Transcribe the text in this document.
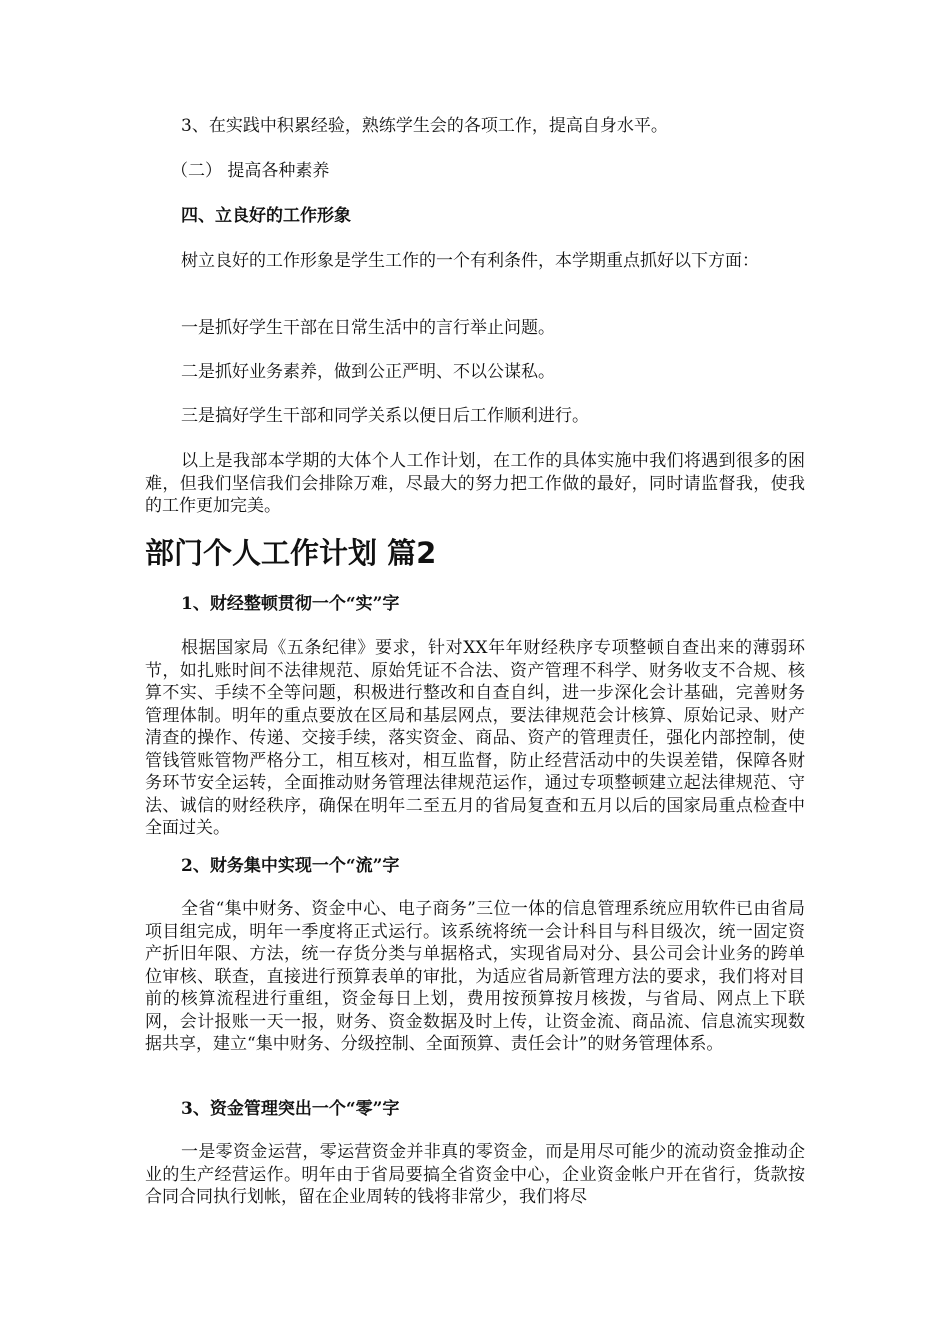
3、在实践中积累经验，熟练学生会的各项工作，提高自身水平。

（二） 提高各种素养

四、立良好的工作形象

树立良好的工作形象是学生工作的一个有利条件，本学期重点抓好以下方面：

一是抓好学生干部在日常生活中的言行举止问题。

二是抓好业务素养，做到公正严明、不以公谋私。

三是搞好学生干部和同学关系以便日后工作顺利进行。

以上是我部本学期的大体个人工作计划，在工作的具体实施中我们将遇到很多的困难，但我们坚信我们会排除万难，尽最大的努力把工作做的最好，同时请监督我，使我的工作更加完美。

部门个人工作计划 篇2

1、财经整顿贯彻一个“实”字

根据国家局《五条纪律》要求，针对XX年年财经秩序专项整顿自查出来的薄弱环节，如扎账时间不法律规范、原始凭证不合法、资产管理不科学、财务收支不合规、核算不实、手续不全等问题，积极进行整改和自查自纠，进一步深化会计基础，完善财务管理体制。明年的重点要放在区局和基层网点，要法律规范会计核算、原始记录、财产清查的操作、传递、交接手续，落实资金、商品、资产的管理责任，强化内部控制，使管钱管账管物严格分工，相互核对，相互监督，防止经营活动中的失误差错，保障各财务环节安全运转，全面推动财务管理法律规范运作，通过专项整顿建立起法律规范、守法、诚信的财经秩序，确保在明年二至五月的省局复查和五月以后的国家局重点检查中全面过关。

2、财务集中实现一个“流”字

全省“集中财务、资金中心、电子商务”三位一体的信息管理系统应用软件已由省局项目组完成，明年一季度将正式运行。该系统将统一会计科目与科目级次，统一固定资产折旧年限、方法，统一存货分类与单据格式，实现省局对分、县公司会计业务的跨单位审核、联查，直接进行预算表单的审批，为适应省局新管理方法的要求，我们将对目前的核算流程进行重组，资金每日上划，费用按预算按月核拨，与省局、网点上下联网，会计报账一天一报，财务、资金数据及时上传，让资金流、商品流、信息流实现数据共享，建立“集中财务、分级控制、全面预算、责任会计”的财务管理体系。

3、资金管理突出一个“零”字

一是零资金运营，零运营资金并非真的零资金，而是用尽可能少的流动资金推动企业的生产经营运作。明年由于省局要搞全省资金中心，企业资金帐户开在省行，货款按合同合同执行划帐，留在企业周转的钱将非常少，我们将尽
